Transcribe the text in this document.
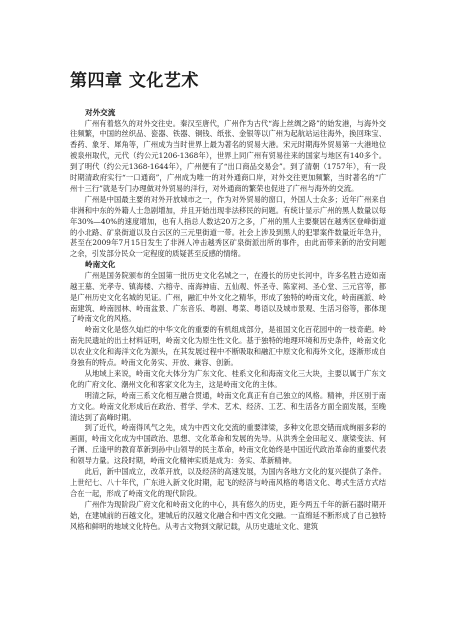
第四章 文化艺术
对外交流

广州有着悠久的对外交往史。秦汉至唐代，广州作为古代“海上丝绸之路”的始发港，与海外交往频繁，中国的丝织品、瓷器、铁器、铜钱、纸张、金银等以广州为起航站运往海外，换回珠宝、香药、象牙、犀角等，广州成为当时世界上最为著名的贸易大港。宋元时期海外贸易第一大港地位被泉州取代，元代（约公元1206-1368年），世界上同广州有贸易往来的国家与地区有140多个。到了明代（约公元1368-1644年），广州便有了“出口商品交易会”。到了清朝（1757年），有一段时期清政府实行“一口通商”，广州成为唯一的对外通商口岸，对外交往更加频繁，当时著名的“广州十三行”就是专门办理做对外贸易的洋行，对外通商的繁荣也促进了广州与海外的交流。

广州是中国最主要的对外开放城市之一，作为对外贸易的窗口，外国人士众多；近年广州来自非洲和中东的外籍人士急剧增加，并且开始出现非法移民的问题。有统计显示广州的黑人数量以每年30%—40%的速度增加，也有人指总人数达20万之多，广州的黑人主要聚居在越秀区登峰街道的小北路、矿泉街道以及白云区的三元里街道一带。社会上涉及到黑人的犯罪案件数量近年急升，甚至在2009年7月15日发生了非洲人冲击越秀区矿泉街派出所的事件，由此而带来新的治安问题之余，引发部分民众一定程度的质疑甚至反感的情绪。

岭南文化

广州是国务院颁布的全国第一批历史文化名城之一，在漫长的历史长河中，许多名胜古迹如南越王墓、光孝寺、镇海楼、六榕寺、南海神庙、五仙观、怀圣寺、陈家祠、圣心堂、三元宫等，都是广州历史文化名城的见证。广州，融汇中外文化之精华，形成了独特的岭南文化，岭南画派、岭南建筑、岭南园林、岭南盆景、广东音乐、粤剧、粤菜、粤语以及城市景观、生活习俗等，都体现了岭南文化的风格。

岭南文化是悠久灿烂的中华文化的重要的有机组成部分，是祖国文化百花园中的一枝奇葩。岭南先民遗址的出土材料证明，岭南文化为原生性文化。基于独特的地理环境和历史条件，岭南文化以农业文化和海洋文化为源头，在其发展过程中不断吸取和融汇中原文化和海外文化，逐渐形成自身独有的特点。岭南文化务实、开放、兼容、创新。

从地域上来说，岭南文化大体分为广东文化、桂系文化和海南文化三大块，主要以属于广东文化的广府文化、潮州文化和客家文化为主，这是岭南文化的主体。

明清之际，岭南三系文化相互融合贯通，岭南文化真正有自己独立的风格。精神，并区别于南方文化。岭南文化形成后在政治、哲学、学术、艺术、经济、工艺、和生活各方面全面发展，至晚清达到了高峰时期。

到了近代，岭南得风气之先，成为中西文化交流的重要津梁，多种文化思交错而成绚丽多彩的画面，岭南文化成为中国政治、思想、文化革命和发展的先导。从洪秀全金田起义、康梁变法、何子渊、丘逢甲的教育革新到孙中山领导的民主革命，岭南文化始终是中国近代政治革命的重要代表和领导力量。这段时期，岭南文化精神实质是成为：务实、革新精神。

此后，新中国成立，改革开放，以及经济的高速发展，为国内各地方文化的复兴提供了条件。上世纪七、八十年代，广东进入新文化时期，起飞的经济与岭南风格的粤语文化、粤式生活方式结合在一起，形成了岭南文化的现代阶段。

广州作为现阶段广府文化和岭南文化的中心，具有悠久的历史，距今两五千年的新石器时期开始，在建城前的百越文化，建城后的汉越文化融合和中西文化交融。一直绵延不断形成了自己独特风格和鲜明的地域文化特色。从考古文物到文献记载，从历史遗址文化、建筑
